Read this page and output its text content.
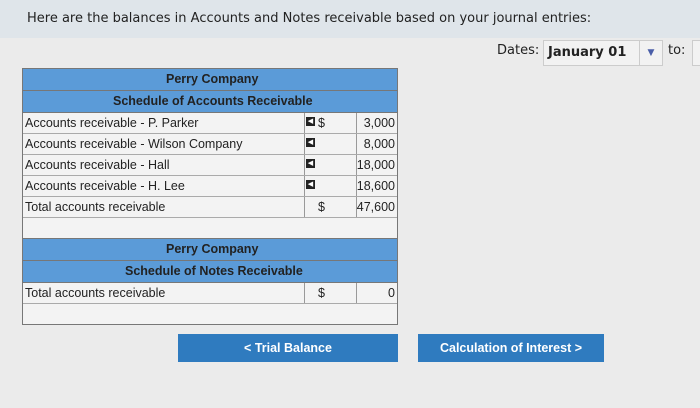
Here are the balances in Accounts and Notes receivable based on your journal entries:
Dates: January 01	▼	to:
Perry Company
Schedule of Accounts Receivable
Accounts receivable - P. Parker	◀ $	3,000
Accounts receivable - Wilson Company	◀	8,000
Accounts receivable - Hall	◀	18,000
Accounts receivable - H. Lee	◀	18,600
Total accounts receivable	$	47,600
Perry Company
Schedule of Notes Receivable
Total accounts receivable	$	0
< Trial Balance	Calculation of Interest >
